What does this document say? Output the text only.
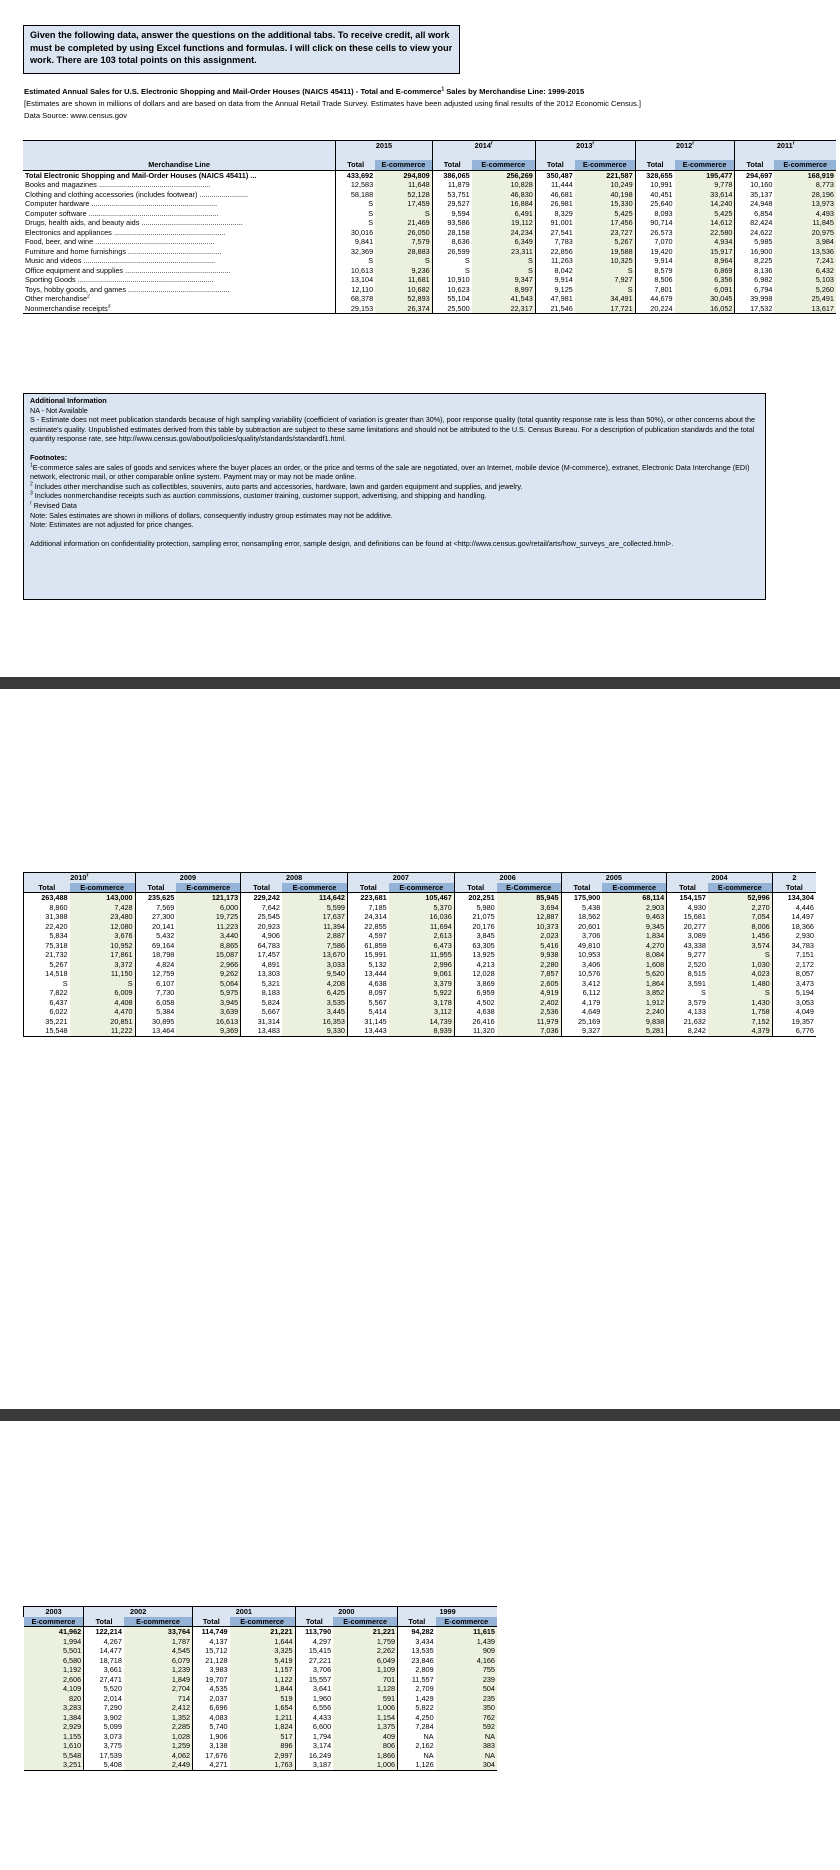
Given the following data, answer the questions on the additional tabs. To receive credit, all work must be completed by using Excel functions and formulas. I will click on these cells to view your work. There are 103 total points on this assignment.
Estimated Annual Sales for U.S. Electronic Shopping and Mail-Order Houses (NAICS 45411) - Total and E-commerce$^1$ Sales by Merchandise Line: 1999-2015
[Estimates are shown in millions of dollars and are based on data from the Annual Retail Trade Survey. Estimates have been adjusted using final results of the 2012 Economic Census.]
Data Source: www.census.gov
	2015		2014$^r$		2013$^r$		2012$^r$		2011$^r$

Merchandise Line	Total	E-commerce	Total	E-commerce	Total	E-commerce	Total	E-commerce	Total	E-commerce
Total Electronic Shopping and Mail-Order Houses (NAICS 45411) ...	433,692	294,809	386,065	256,269	350,487	221,587	328,655	195,477	294,697	168,919
Books and magazines .......................................................	12,583	11,648	11,879	10,828	11,444	10,249	10,991	9,778	10,160	8,773
Clothing and clothing accessories (includes footwear) ........................	58,188	52,128	53,751	46,830	46,681	40,198	40,451	33,614	35,137	28,196
Computer hardware ..............................................................	S	17,459	29,527	16,884	26,981	15,330	25,640	14,240	24,948	13,973
Computer software ................................................................	S	S	9,594	6,491	8,329	5,425	8,093	5,425	6,854	4,493
Drugs, health aids, and beauty aids ..................................................	S	21,469	93,586	19,112	91,001	17,456	90,714	14,612	82,424	11,845
Electronics and appliances .......................................................	30,016	26,050	28,158	24,234	27,541	23,727	26,573	22,580	24,622	20,975
Food, beer, and wine ...........................................................	9,841	7,579	8,636	6,349	7,783	5,267	7,070	4,934	5,985	3,984
Furniture and home furnishings ..............................................	32,369	28,883	26,599	23,311	22,856	19,588	19,420	15,917	16,900	13,536
Music and videos .................................................................	S	S	S	S	11,263	10,325	9,914	8,964	8,225	7,241
Office equipment and supplies ....................................................	10,613	9,236	S	S	8,042	S	8,579	6,869	8,136	6,432
Sporting Goods ...................................................................	13,104	11,681	10,910	9,347	9,914	7,927	8,506	6,356	6,982	5,103
Toys, hobby goods, and games ..................................................	12,110	10,682	10,623	8,997	9,125	S	7,801	6,091	6,794	5,260
Other merchandise$^2$	68,378	52,893	55,104	41,543	47,981	34,491	44,679	30,045	39,998	25,491
Nonmerchandise receipts$^3$	29,153	26,374	25,500	22,317	21,546	17,721	20,224	16,052	17,532	13,617

Additional Information

NA - Not Available

S - Estimate does not meet publication standards because of high sampling variability (coefficient of variation is greater than 30%), poor response quality (total quantity response rate is less than 50%), or other concerns about the estimate's quality. Unpublished estimates derived from this table by subtraction are subject to these same limitations and should not be attributed to the U.S. Census Bureau. For a description of publication standards and the total quantity response rate, see http://www.census.gov/about/policies/quality/standards/standardf1.html.

Footnotes:

$^1$E-commerce sales are sales of goods and services where the buyer places an order, or the price and terms of the sale are negotiated, over an Internet, mobile device (M-commerce), extranet, Electronic Data Interchange (EDI) network, electronic mail, or other comparable online system. Payment may or may not be made online.

$^2$ Includes other merchandise such as collectibles, souvenirs, auto parts and accessories, hardware, lawn and garden equipment and supplies, and jewelry.

$^3$ Includes nonmerchandise receipts such as auction commissions, customer training, customer support, advertising, and shipping and handling.

$^r$ Revised Data

Note: Sales estimates are shown in millions of dollars, consequently industry group estimates may not be additive.

Note: Estimates are not adjusted for price changes.

Additional information on confidentiality protection, sampling error, nonsampling error, sample design, and definitions can be found at <http://www.census.gov/retail/arts/how_surveys_are_collected.html>.

2010$^r$		2009		2008		2007		2006		2005		2004		2
Total	E-commerce	Total	E-commerce	Total	E-commerce	Total	E-commerce	Total	E-Commerce	Total	E-commerce	Total	E-commerce	Total
263,488	143,000	235,625	121,173	229,242	114,642	223,681	105,467	202,251	85,945	175,900	68,114	154,157	52,996	134,304
8,860	7,428	7,569	6,000	7,642	5,599	7,185	5,370	5,980	3,694	5,438	2,903	4,930	2,270	4,446
31,388	23,480	27,300	19,725	25,545	17,637	24,314	16,036	21,075	12,887	18,562	9,463	15,681	7,054	14,497
22,420	12,080	20,141	11,223	20,923	11,394	22,855	11,694	20,176	10,373	20,601	9,345	20,277	8,006	18,366
5,834	3,676	5,432	3,440	4,906	2,887	4,597	2,613	3,845	2,023	3,706	1,834	3,089	1,456	2,930
75,318	10,952	69,164	8,865	64,783	7,586	61,859	6,473	63,305	5,416	49,810	4,270	43,338	3,574	34,783
21,732	17,861	18,798	15,087	17,457	13,670	15,991	11,955	13,925	9,938	10,953	8,084	9,277	S	7,151
5,267	3,372	4,824	2,966	4,891	3,033	5,132	2,996	4,213	2,280	3,406	1,608	2,520	1,030	2,172
14,518	11,150	12,759	9,262	13,303	9,540	13,444	9,061	12,028	7,857	10,576	5,620	8,515	4,023	8,057
S	S	6,107	5,064	5,321	4,208	4,638	3,379	3,869	2,605	3,412	1,864	3,591	1,480	3,473
7,822	6,009	7,730	5,975	8,183	6,425	8,097	5,922	6,959	4,919	6,112	3,852	S	S	5,194
6,437	4,408	6,058	3,945	5,824	3,535	5,567	3,178	4,502	2,402	4,179	1,912	3,579	1,430	3,053
6,022	4,470	5,384	3,639	5,667	3,445	5,414	3,112	4,638	2,536	4,649	2,240	4,133	1,758	4,049
35,221	20,851	30,895	16,613	31,314	16,353	31,145	14,739	26,416	11,979	25,169	9,838	21,632	7,152	19,357
15,548	11,222	13,464	9,369	13,483	9,330	13,443	8,939	11,320	7,036	9,327	5,281	8,242	4,379	6,776
2003	2002		2001		2000		1999	
E-commerce	Total	E-commerce	Total	E-commerce	Total	E-commerce	Total	E-commerce
41,962	122,214	33,764	114,749	21,221	113,790	21,221	94,282	11,615
1,994	4,267	1,787	4,137	1,644	4,297	1,759	3,434	1,439
5,501	14,477	4,545	15,712	3,325	15,415	2,262	13,535	909
6,580	18,718	6,079	21,128	5,419	27,221	6,049	23,846	4,166
1,192	3,661	1,239	3,983	1,157	3,706	1,109	2,809	755
2,606	27,471	1,849	19,707	1,122	15,557	701	11,557	239
4,109	5,520	2,704	4,535	1,844	3,641	1,128	2,709	504
820	2,014	714	2,037	519	1,960	591	1,429	235
3,283	7,290	2,412	6,696	1,654	6,556	1,006	5,822	350
1,384	3,902	1,352	4,083	1,211	4,433	1,154	4,250	762
2,929	5,099	2,285	5,740	1,824	6,600	1,375	7,284	592
1,155	3,073	1,028	1,906	517	1,794	409	NA	NA
1,610	3,775	1,259	3,138	896	3,174	806	2,162	383
5,548	17,539	4,062	17,676	2,997	16,249	1,866	NA	NA
3,251	5,408	2,449	4,271	1,763	3,187	1,006	1,126	304
